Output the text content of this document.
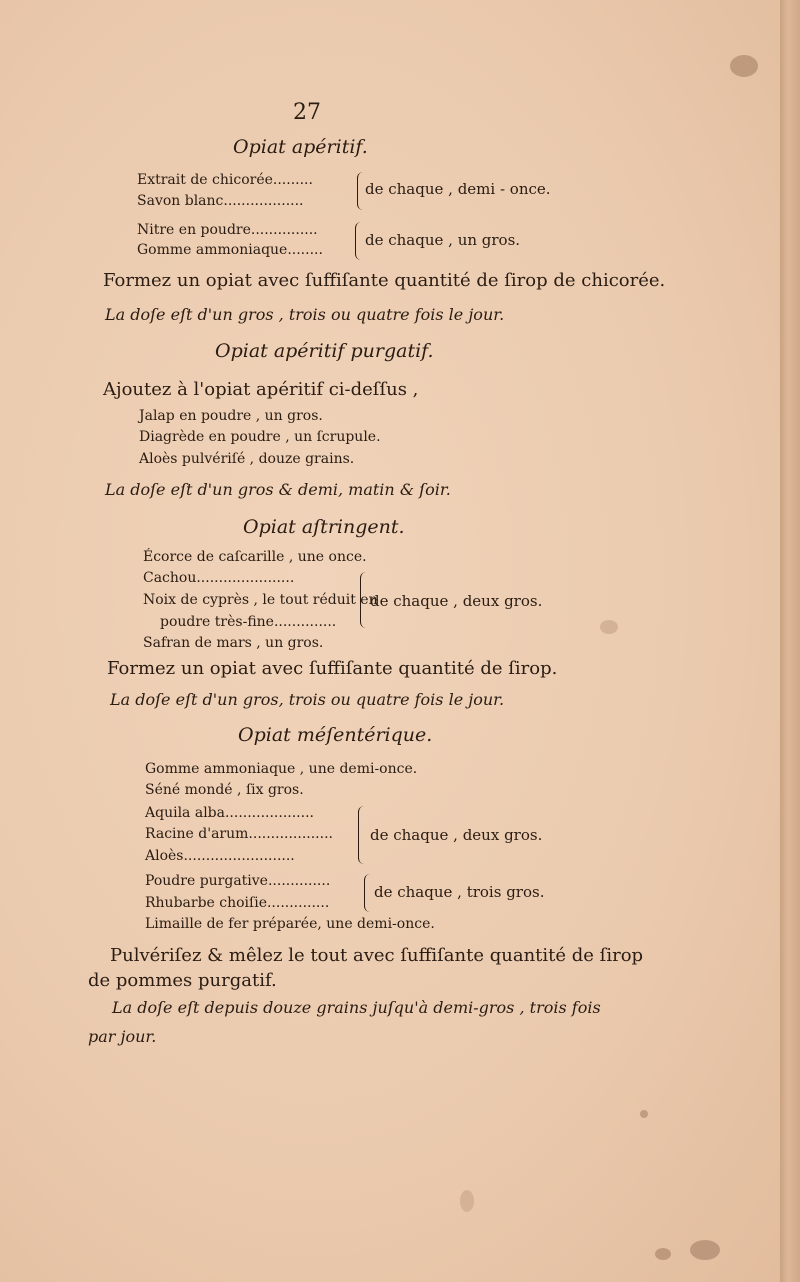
27
Opiat apéritif.
Extrait de chicorée.........
Savon blanc..................
de chaque , demi - once.
Nitre en poudre...............
Gomme ammoniaque........
de chaque , un gros.
Formez un opiat avec ſuffiſante quantité de ſirop de chicorée.
La doſe eſt d'un gros , trois ou quatre fois le jour.
Opiat apéritif purgatif.
Ajoutez à l'opiat apéritif ci-deſſus ,
Jalap en poudre , un gros.
Diagrède en poudre , un ſcrupule.
Aloès pulvériſé , douze grains.
La doſe eſt d'un gros & demi, matin & ſoir.
Opiat aſtringent.
Écorce de caſcarille , une once.
Cachou......................
Noix de cyprès , le tout réduit en
poudre très-fine..............
de chaque , deux gros.
Safran de mars , un gros.
Formez un opiat avec ſuffiſante quantité de ſirop.
La doſe eſt d'un gros, trois ou quatre fois le jour.
Opiat méſentérique.
Gomme ammoniaque , une demi-once.
Séné mondé , ſix gros.
Aquila alba....................
Racine d'arum...................
Aloès.........................
de chaque , deux gros.
Poudre purgative..............
Rhubarbe choiſie..............
de chaque , trois gros.
Limaille de fer préparée, une demi-once.
Pulvériſez & mêlez le tout avec ſuffiſante quantité de ſirop
de pommes purgatif.
La doſe eſt depuis douze grains juſqu'à demi-gros , trois fois
par jour.
